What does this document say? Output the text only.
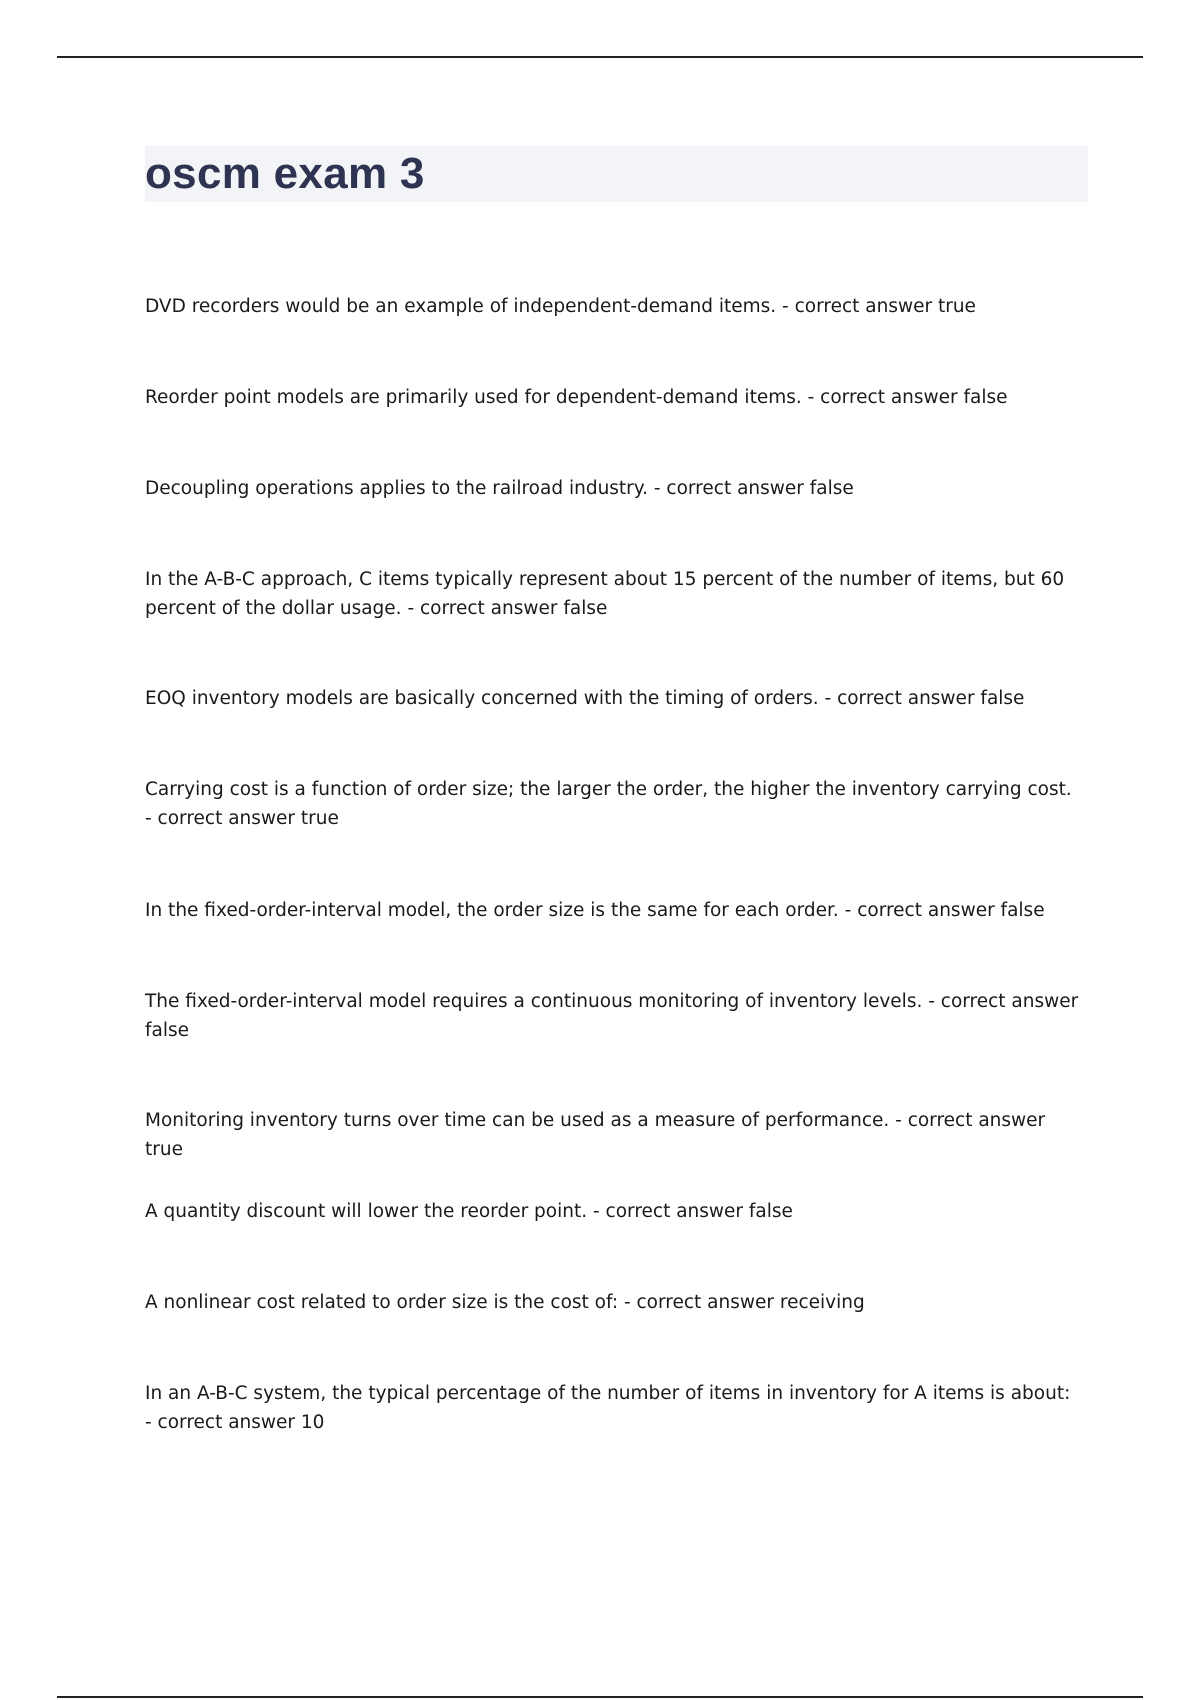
oscm exam 3
DVD recorders would be an example of independent-demand items. - correct answer true
Reorder point models are primarily used for dependent-demand items. - correct answer false
Decoupling operations applies to the railroad industry. - correct answer false
In the A-B-C approach, C items typically represent about 15 percent of the number of items, but 60 percent of the dollar usage. - correct answer false
EOQ inventory models are basically concerned with the timing of orders. - correct answer false
Carrying cost is a function of order size; the larger the order, the higher the inventory carrying cost. - correct answer true
In the fixed-order-interval model, the order size is the same for each order. - correct answer false
The fixed-order-interval model requires a continuous monitoring of inventory levels. - correct answer false
Monitoring inventory turns over time can be used as a measure of performance. - correct answer true
A quantity discount will lower the reorder point. - correct answer false
A nonlinear cost related to order size is the cost of: - correct answer receiving
In an A-B-C system, the typical percentage of the number of items in inventory for A items is about: - correct answer 10
